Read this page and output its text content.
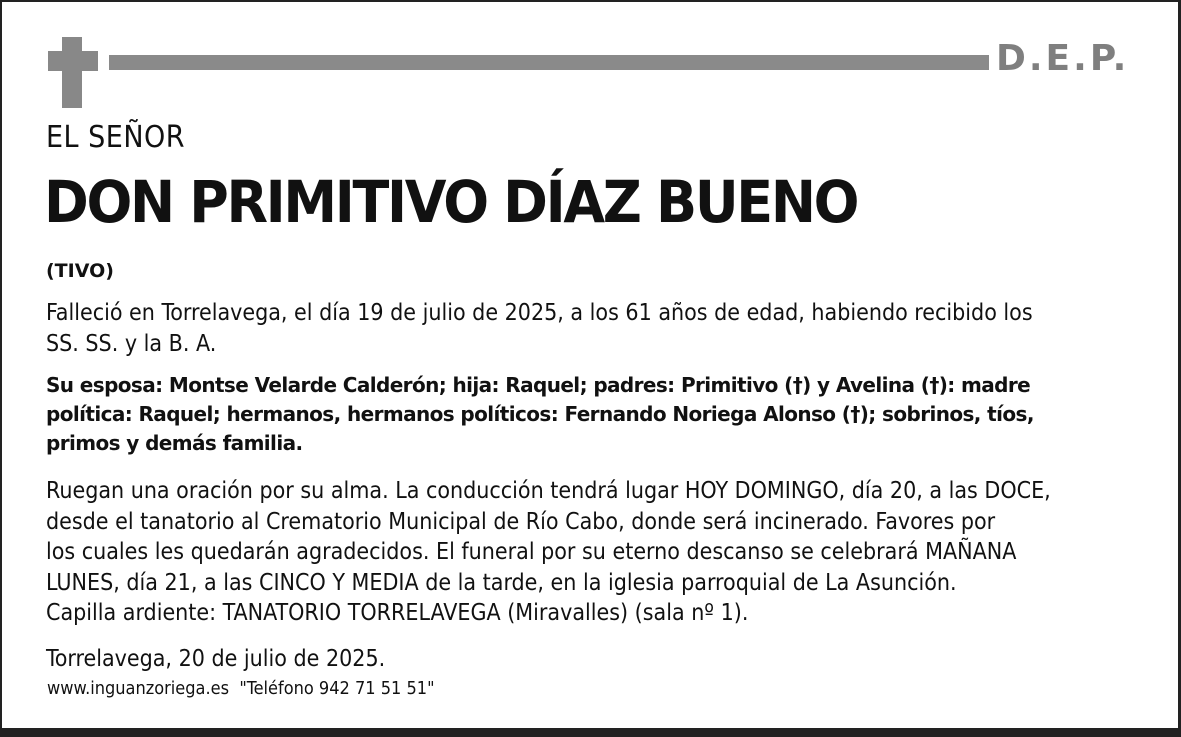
D.E.P.
EL SEÑOR
DON PRIMITIVO DÍAZ BUENO
(TIVO)
Falleció en Torrelavega, el día 19 de julio de 2025, a los 61 años de edad, habiendo recibido los
SS. SS. y la B. A.
Su esposa: Montse Velarde Calderón; hija: Raquel; padres: Primitivo (†) y Avelina (†): madre
política: Raquel; hermanos, hermanos políticos: Fernando Noriega Alonso (†); sobrinos, tíos,
primos y demás familia.
Ruegan una oración por su alma. La conducción tendrá lugar HOY DOMINGO, día 20, a las DOCE,
desde el tanatorio al Crematorio Municipal de Río Cabo, donde será incinerado. Favores por
los cuales les quedarán agradecidos. El funeral por su eterno descanso se celebrará MAÑANA
LUNES, día 21, a las CINCO Y MEDIA de la tarde, en la iglesia parroquial de La Asunción.
Capilla ardiente: TANATORIO TORRELAVEGA (Miravalles) (sala nº 1).
Torrelavega, 20 de julio de 2025.
www.inguanzoriega.es "Teléfono 942 71 51 51"
